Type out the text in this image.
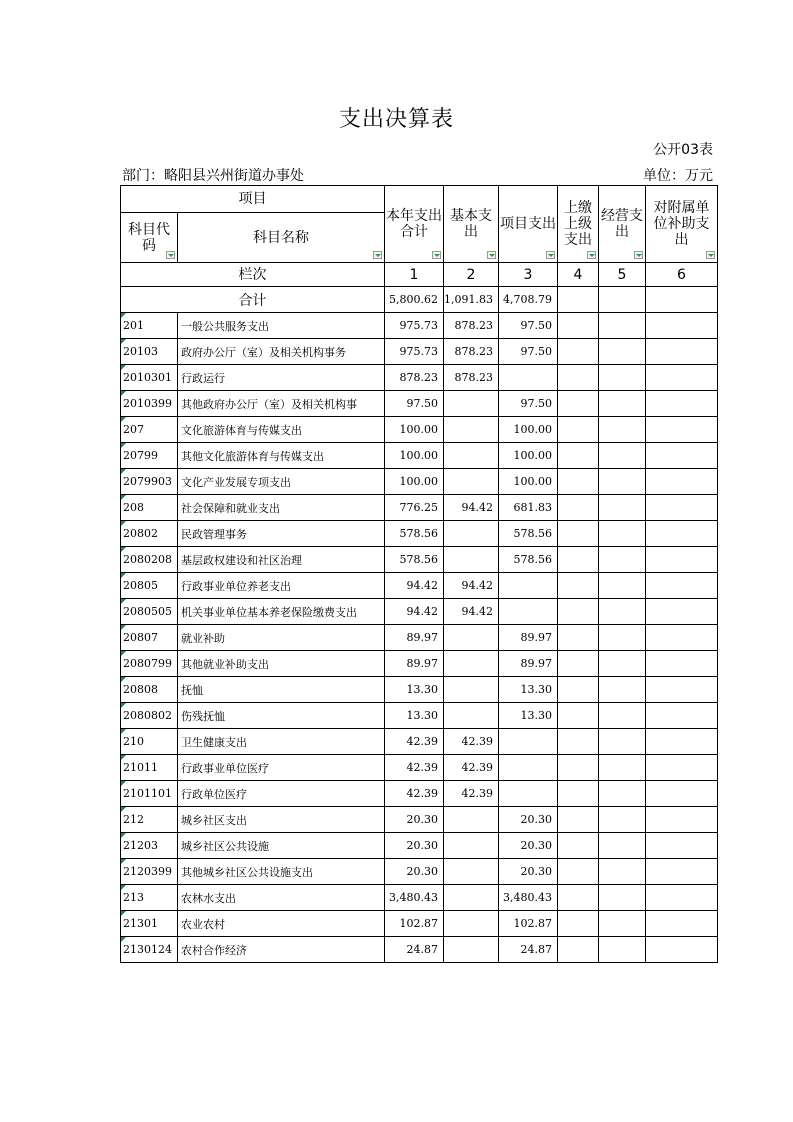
支出决算表
公开03表
部门：略阳县兴州街道办事处	单位：万元
项目		本年支出合计	基本支出	项目支出	上缴上级支出	经营支出	对附属单位补助支出

科目代码	科目名称						

栏次		1	2	3	4	5	6
合计		5,800.62	1,091.83	4,708.79			
201	一般公共服务支出	975.73	878.23	97.50			
20103	政府办公厅（室）及相关机构事务	975.73	878.23	97.50			
2010301	行政运行	878.23	878.23				
2010399	其他政府办公厅（室）及相关机构事	97.50		97.50			
207	文化旅游体育与传媒支出	100.00		100.00			
20799	其他文化旅游体育与传媒支出	100.00		100.00			
2079903	文化产业发展专项支出	100.00		100.00			
208	社会保障和就业支出	776.25	94.42	681.83			
20802	民政管理事务	578.56		578.56			
2080208	基层政权建设和社区治理	578.56		578.56			
20805	行政事业单位养老支出	94.42	94.42				
2080505	机关事业单位基本养老保险缴费支出	94.42	94.42				
20807	就业补助	89.97		89.97			
2080799	其他就业补助支出	89.97		89.97			
20808	抚恤	13.30		13.30			
2080802	伤残抚恤	13.30		13.30			
210	卫生健康支出	42.39	42.39				
21011	行政事业单位医疗	42.39	42.39				
2101101	行政单位医疗	42.39	42.39				
212	城乡社区支出	20.30		20.30			
21203	城乡社区公共设施	20.30		20.30			
2120399	其他城乡社区公共设施支出	20.30		20.30			
213	农林水支出	3,480.43		3,480.43			
21301	农业农村	102.87		102.87			
2130124	农村合作经济	24.87		24.87			
